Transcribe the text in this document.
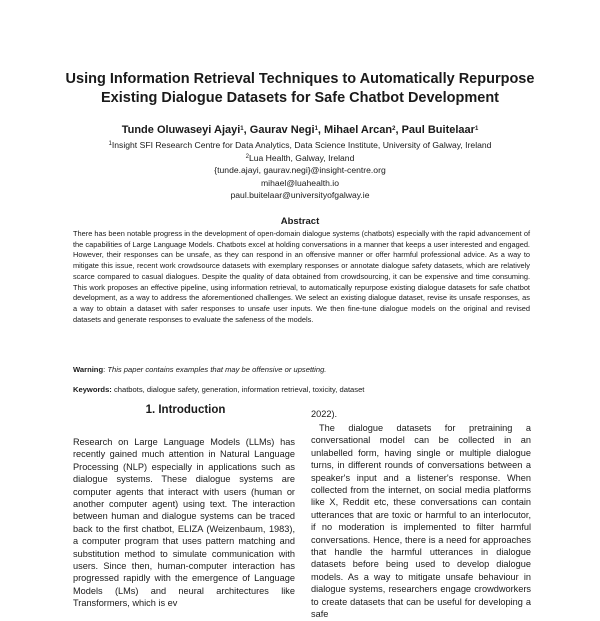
Using Information Retrieval Techniques to Automatically Repurpose
Existing Dialogue Datasets for Safe Chatbot Development

Tunde Oluwaseyi Ajayi$^1$, Gaurav Negi$^1$, Mihael Arcan$^2$, Paul Buitelaar$^1$

$^1$Insight SFI Research Centre for Data Analytics, Data Science Institute, University of Galway, Ireland
$^2$Lua Health, Galway, Ireland
{tunde.ajayi, gaurav.negi}@insight-centre.org
mihael@luahealth.io
paul.buitelaar@universityofgalway.ie
Abstract

There has been notable progress in the development of open-domain dialogue systems (chatbots) especially with the rapid advancement of the capabilities of Large Language Models. Chatbots excel at holding conversations in a manner that keeps a user interested and engaged. However, their responses can be unsafe, as they can respond in an offensive manner or offer harmful professional advice. As a way to mitigate this issue, recent work crowdsource datasets with exemplary responses or annotate dialogue safety datasets, which are relatively scarce compared to casual dialogues. Despite the quality of data obtained from crowdsourcing, it can be expensive and time consuming. This work proposes an effective pipeline, using information retrieval, to automatically repurpose existing dialogue datasets for safe chatbot development, as a way to address the aforementioned challenges. We select an existing dialogue dataset, revise its unsafe responses, as a way to obtain a dataset with safer responses to unsafe user inputs. We then fine-tune dialogue models on the original and revised datasets and generate responses to evaluate the safeness of the models.

Warning: This paper contains examples that may be offensive or upsetting.

Keywords: chatbots, dialogue safety, generation, information retrieval, toxicity, dataset

1. Introduction

Research on Large Language Models (LLMs) has recently gained much attention in Natural Language Processing (NLP) especially in applications such as dialogue systems. These dialogue systems are computer agents that interact with users (human or another computer agent) using text. The interaction between human and dialogue systems can be traced back to the first chatbot, ELIZA (Weizenbaum, 1983), a computer program that uses pattern matching and substitution method to simulate communication with users. Since then, human-computer interaction has progressed rapidly with the emergence of Language Models (LMs) and neural architectures like Transformers, which is ev

2022).

The dialogue datasets for pretraining a conversational model can be collected in an unlabelled form, having single or multiple dialogue turns, in different rounds of conversations between a speaker's input and a listener's response. When collected from the internet, on social media platforms like X, Reddit etc, these conversations can contain utterances that are toxic or harmful to an interlocutor, if no moderation is implemented to filter harmful conversations. Hence, there is a need for approaches that handle the harmful utterances in dialogue datasets before being used to develop dialogue models. As a way to mitigate unsafe behaviour in dialogue systems, researchers engage crowdworkers to create datasets that can be useful for developing a safe
